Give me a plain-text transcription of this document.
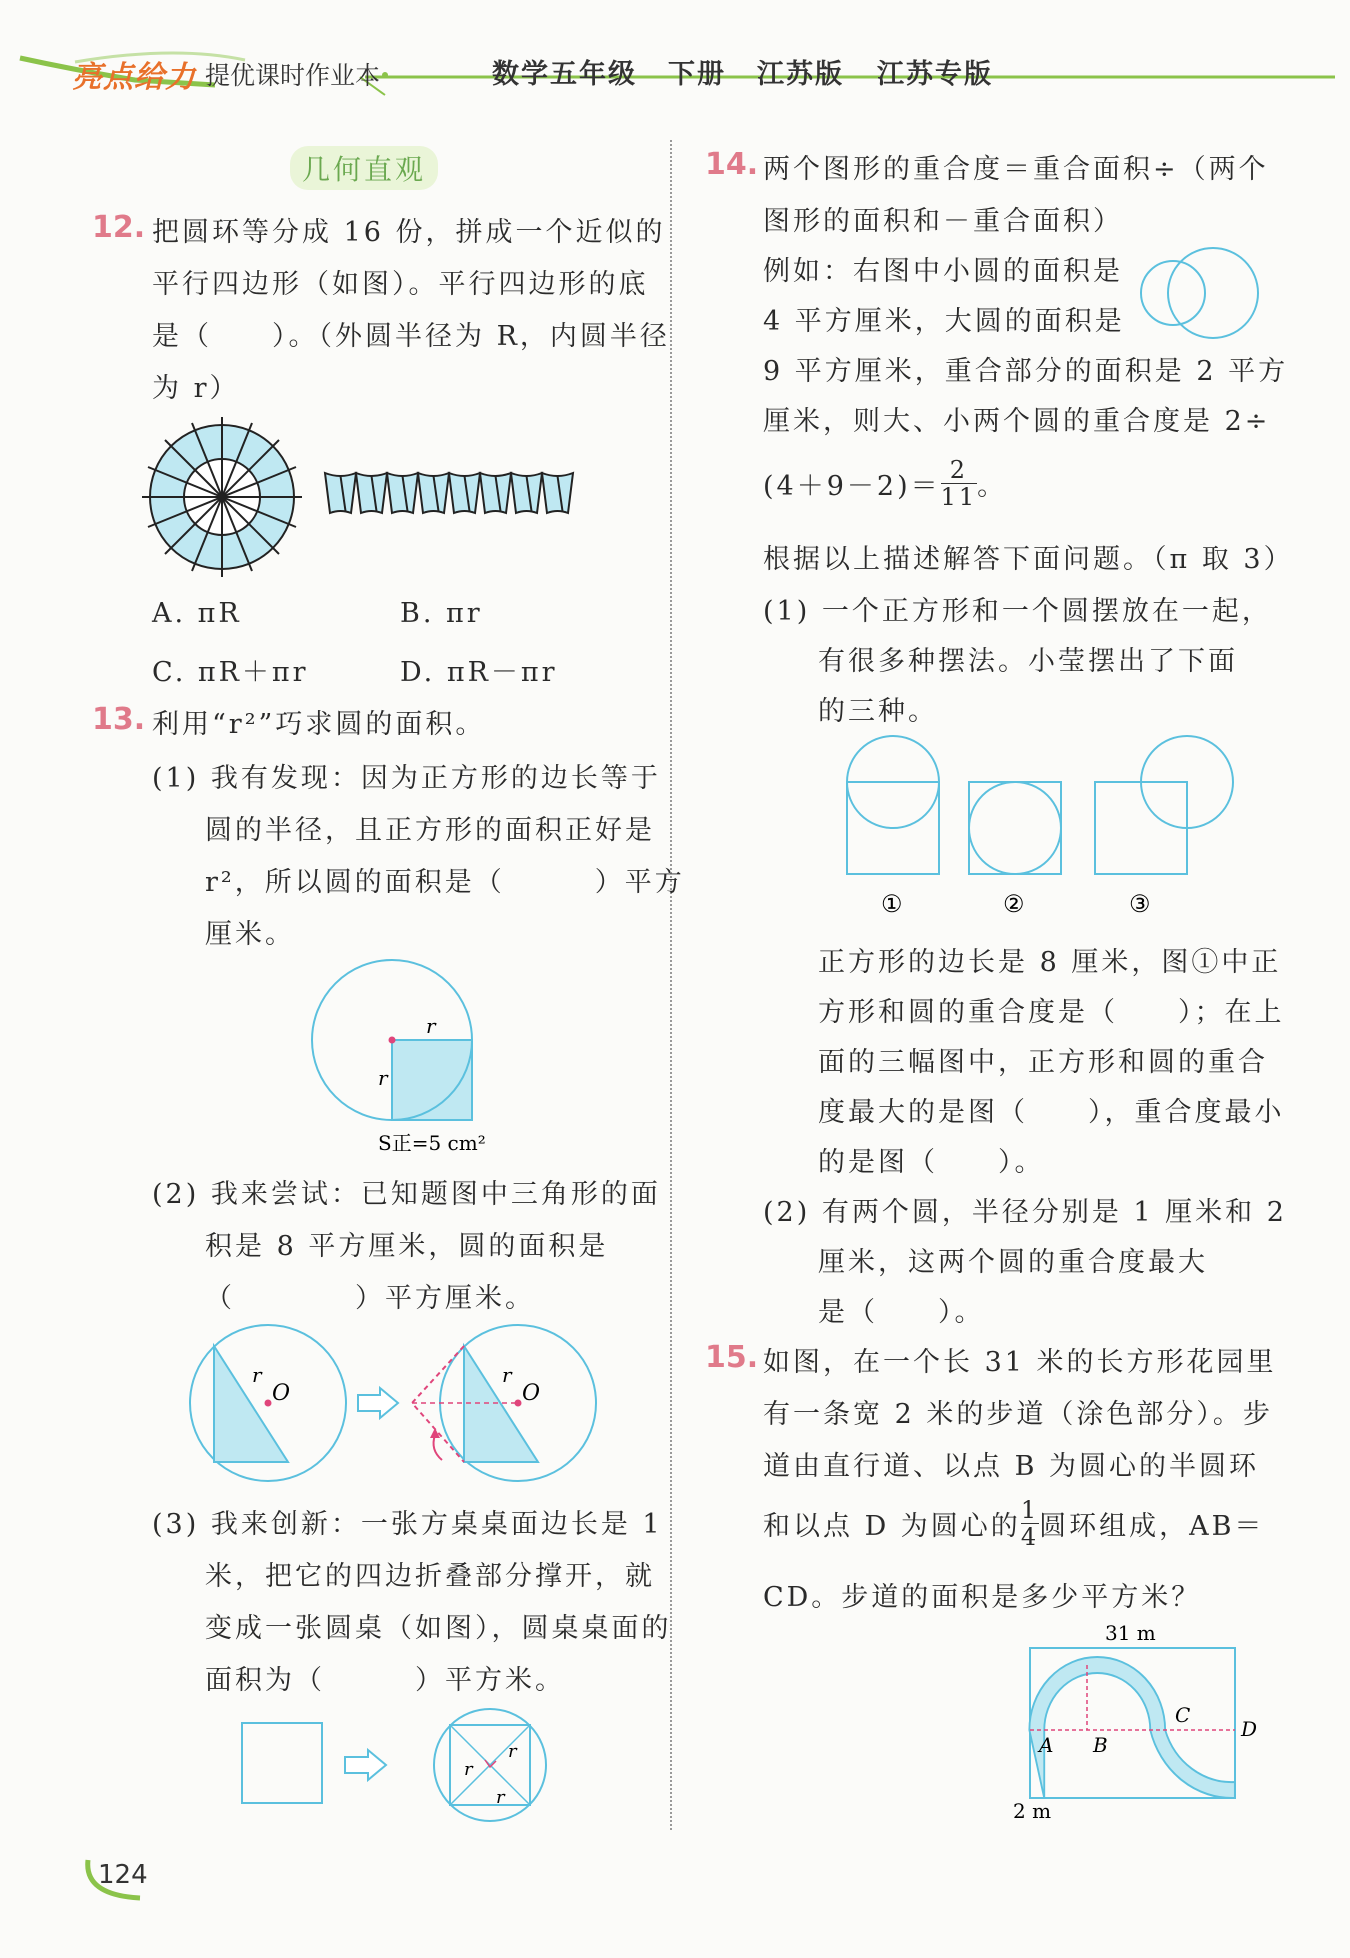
亮点给力 提优课时作业本	数学五年级 下册 江苏版 江苏专版
几何直观
12. 把圆环等分成 16 份，拼成一个近似的
平行四边形（如图）。平行四边形的底
是（　　）。（外圆半径为 R，内圆半径
为 r）
A. πR	B. πr
C. πR＋πr	D. πR－πr
13. 利用“r²”巧求圆的面积。
(1) 我有发现：因为正方形的边长等于
圆的半径，且正方形的面积正好是
r²，所以圆的面积是（　　　）平方
厘米。
r
r
S正=5 cm²
(2) 我来尝试：已知题图中三角形的面
积是 8 平方厘米，圆的面积是
（　　　　）平方厘米。
r
O
r
O
(3) 我来创新：一张方桌桌面边长是 1
米，把它的四边折叠部分撑开，就
变成一张圆桌（如图），圆桌桌面的
面积为（　　　）平方米。
r
r
r
14. 两个图形的重合度＝重合面积÷（两个
图形的面积和－重合面积）
例如：右图中小圆的面积是
4 平方厘米，大圆的面积是
9 平方厘米，重合部分的面积是 2 平方
厘米，则大、小两个圆的重合度是 2÷
$(4+9-2)= \frac{2}{11}$ 。
根据以上描述解答下面问题。（π 取 3）
(1) 一个正方形和一个圆摆放在一起，
有很多种摆法。小莹摆出了下面
的三种。
①	②	③
正方形的边长是 8 厘米，图①中正
方形和圆的重合度是（　　）；在上
面的三幅图中，正方形和圆的重合
度最大的是图（　　），重合度最小
的是图（　　）。
(2) 有两个圆，半径分别是 1 厘米和 2
厘米，这两个圆的重合度最大
是（　　）。
15. 如图，在一个长 31 米的长方形花园里
有一条宽 2 米的步道（涂色部分）。步
道由直行道、以点 B 为圆心的半圆环
和以点 D 为圆心的 $\frac{1}{4}$ 圆环组成，AB＝
CD。步道的面积是多少平方米？
31 m
2 m
A B
C
D
124
